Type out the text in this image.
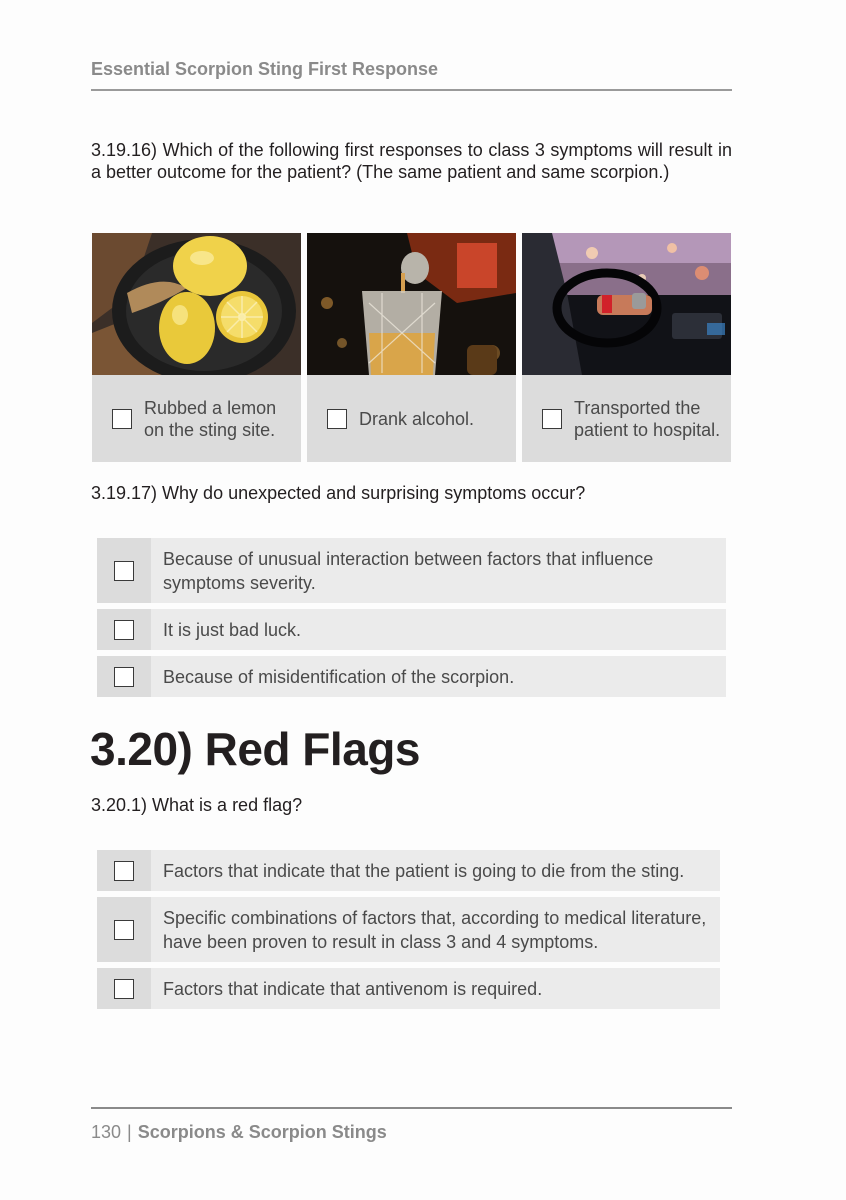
Essential Scorpion Sting First Response
3.19.16) Which of the following first responses to class 3 symptoms will result in a better outcome for the patient? (The same patient and same scorpion.)
Rubbed a lemon on the sting site.
Drank alcohol.
Transported the patient to hospital.
3.19.17) Why do unexpected and surprising symptoms occur?
Because of unusual interaction between factors that influence symptoms severity.
It is just bad luck.
Because of misidentification of the scorpion.
3.20) Red Flags
3.20.1) What is a red flag?
Factors that indicate that the patient is going to die from the sting.
Specific combinations of factors that, according to medical literature, have been proven to result in class 3 and 4 symptoms.
Factors that indicate that antivenom is required.
130 | Scorpions & Scorpion Stings
